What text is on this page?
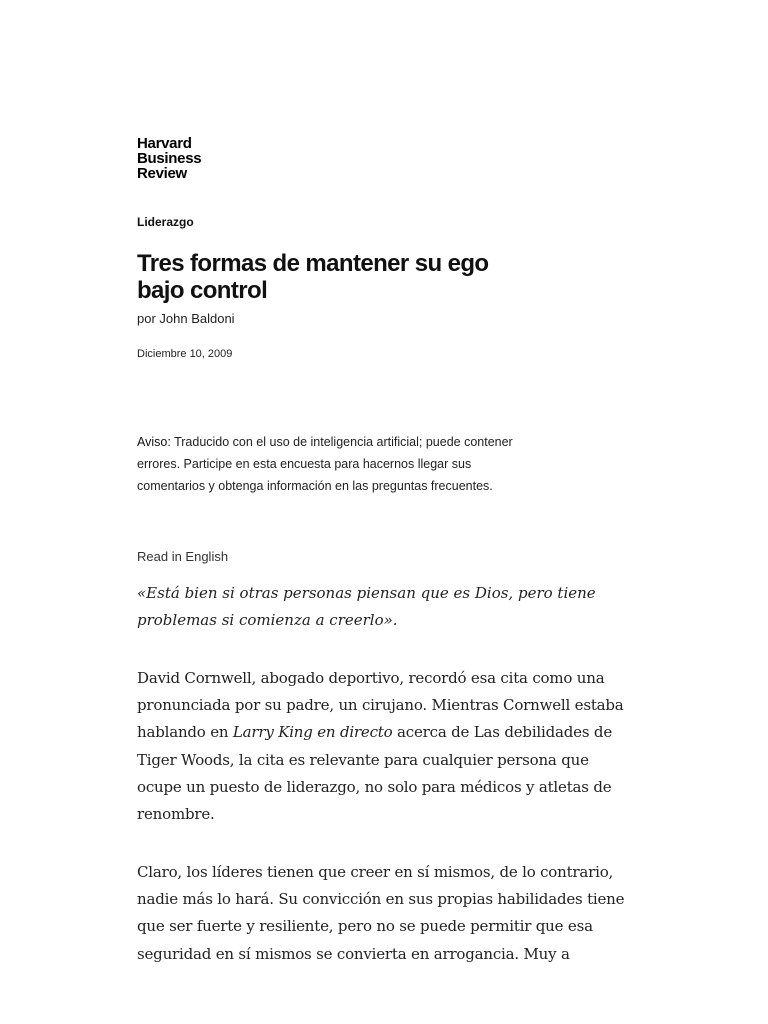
Harvard
Business
Review
Liderazgo
Tres formas de mantener su ego bajo control
por John Baldoni
Diciembre 10, 2009
Aviso: Traducido con el uso de inteligencia artificial; puede contener errores. Participe en esta encuesta para hacernos llegar sus comentarios y obtenga información en las preguntas frecuentes.
Read in English

«Está bien si otras personas piensan que es Dios, pero tiene problemas si comienza a creerlo».

David Cornwell, abogado deportivo, recordó esa cita como una pronunciada por su padre, un cirujano. Mientras Cornwell estaba hablando en Larry King en directo acerca de Las debilidades de Tiger Woods, la cita es relevante para cualquier persona que ocupe un puesto de liderazgo, no solo para médicos y atletas de renombre.

Claro, los líderes tienen que creer en sí mismos, de lo contrario, nadie más lo hará. Su convicción en sus propias habilidades tiene que ser fuerte y resiliente, pero no se puede permitir que esa seguridad en sí mismos se convierta en arrogancia. Muy a
